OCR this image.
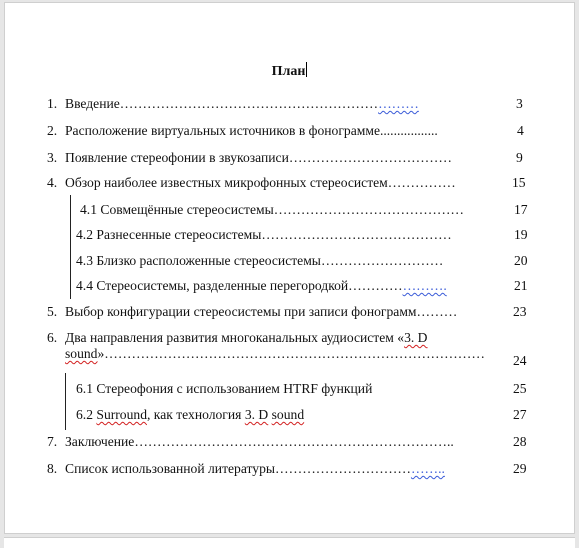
План
1. Введение…………………………………………………………	3
2. Расположение виртуальных источников в фонограмме.................	4
3. Появление стереофонии в звукозаписи………………………………	9
4. Обзор наиболее известных микрофонных стереосистем……………	15
4.1 Совмещённые стереосистемы……………………………………	17
4.2 Разнесенные стереосистемы……………………………………	19
4.3 Близко расположенные стереосистемы………………………	20
4.4 Стереосистемы, разделенные перегородкой………………….	21
5. Выбор конфигурации стереосистемы при записи фонограмм………	23
6. Два направления развития многоканальных аудиосистем «3. D
sound»………………………………………………………………………… 24
6.1 Стереофония с использованием HTRF функций	25
6.2 Surround, как технология 3. D sound	27
7. Заключение……………………………………………………………..	28
8. Список использованной литературы………………………………..	29
